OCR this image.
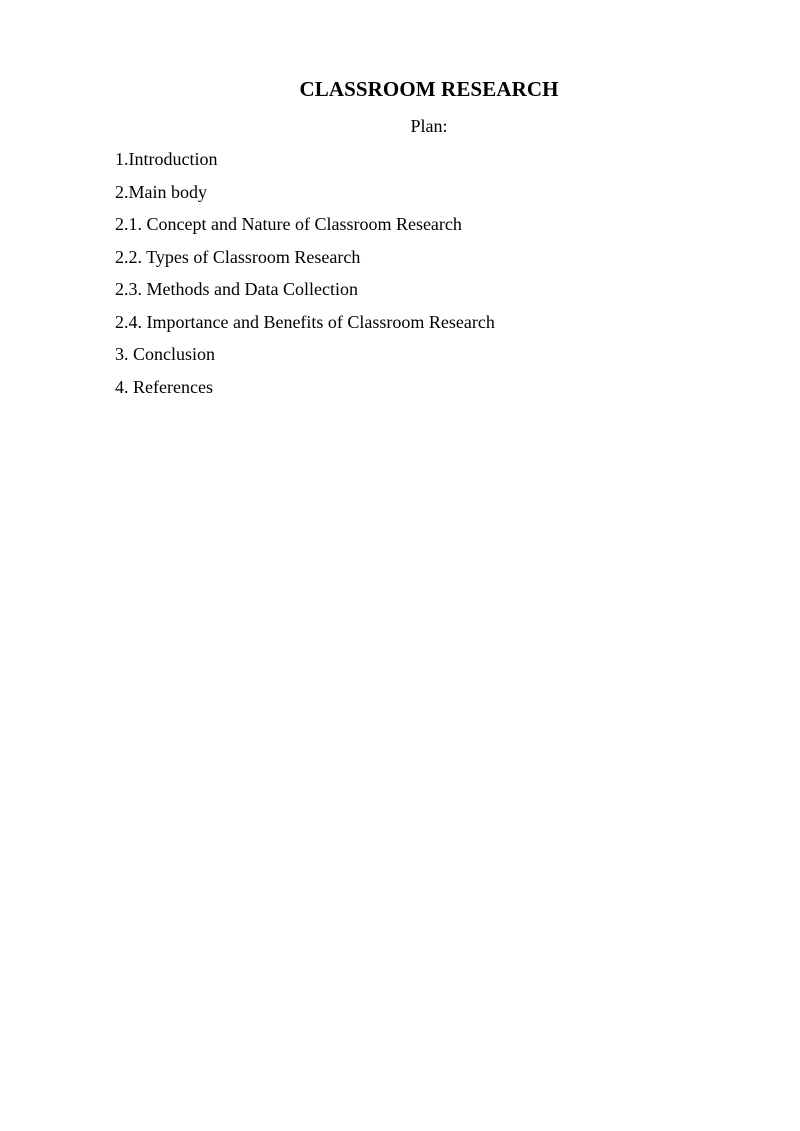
CLASSROOM RESEARCH

Plan:

1.Introduction
2.Main body
2.1. Concept and Nature of Classroom Research
2.2. Types of Classroom Research
2.3. Methods and Data Collection
2.4. Importance and Benefits of Classroom Research
3. Conclusion
4. References
